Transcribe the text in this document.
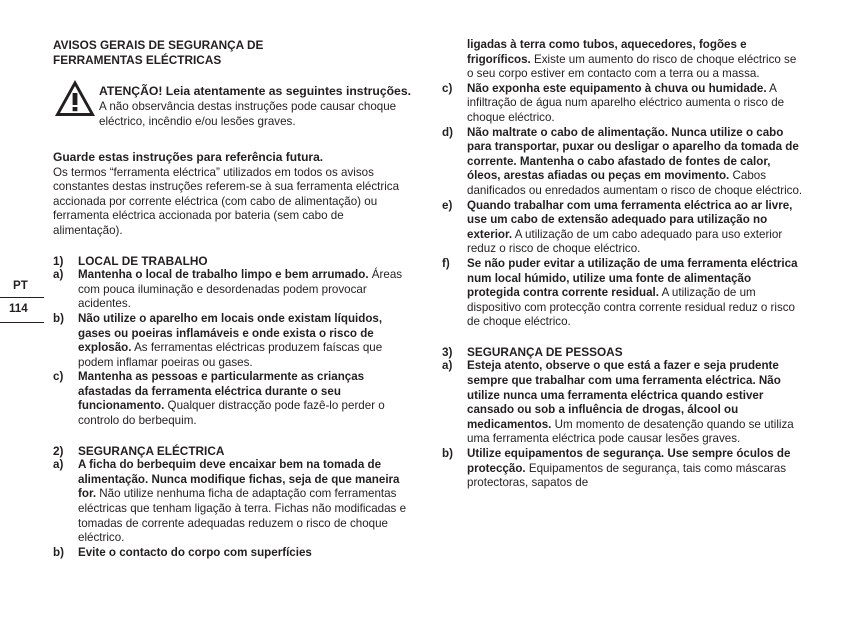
PT
114
AVISOS GERAIS DE SEGURANÇA DE FERRAMENTAS ELÉCTRICAS

ATENÇÃO! Leia atentamente as seguintes instruções. A não observância destas instruções pode causar choque eléctrico, incêndio e/ou lesões graves.

Guarde estas instruções para referência futura.
Os termos “ferramenta eléctrica” utilizados em todos os avisos constantes destas instruções referem-se à sua ferramenta eléctrica accionada por corrente eléctrica (com cabo de alimentação) ou ferramenta eléctrica accionada por bateria (sem cabo de alimentação).

1) LOCAL DE TRABALHO

a) Mantenha o local de trabalho limpo e bem arrumado. Áreas com pouca iluminação e desordenadas podem provocar acidentes.

b) Não utilize o aparelho em locais onde existam líquidos, gases ou poeiras inflamáveis e onde exista o risco de explosão. As ferramentas eléctricas produzem faíscas que podem inflamar poeiras ou gases.

c) Mantenha as pessoas e particularmente as crianças afastadas da ferramenta eléctrica durante o seu funcionamento. Qualquer distracção pode fazê-lo perder o controlo do berbequim.

2) SEGURANÇA ELÉCTRICA

a) A ficha do berbequim deve encaixar bem na tomada de alimentação. Nunca modifique fichas, seja de que maneira for. Não utilize nenhuma ficha de adaptação com ferramentas eléctricas que tenham ligação à terra. Fichas não modificadas e tomadas de corrente adequadas reduzem o risco de choque eléctrico.

b) Evite o contacto do corpo com superfícies

ligadas à terra como tubos, aquecedores, fogões e frigoríficos. Existe um aumento do risco de choque eléctrico se o seu corpo estiver em contacto com a terra ou a massa.

c) Não exponha este equipamento à chuva ou humidade. A infiltração de água num aparelho eléctrico aumenta o risco de choque eléctrico.

d) Não maltrate o cabo de alimentação. Nunca utilize o cabo para transportar, puxar ou desligar o aparelho da tomada de corrente. Mantenha o cabo afastado de fontes de calor, óleos, arestas afiadas ou peças em movimento. Cabos danificados ou enredados aumentam o risco de choque eléctrico.

e) Quando trabalhar com uma ferramenta eléctrica ao ar livre, use um cabo de extensão adequado para utilização no exterior. A utilização de um cabo adequado para uso exterior reduz o risco de choque eléctrico.

f) Se não puder evitar a utilização de uma ferramenta eléctrica num local húmido, utilize uma fonte de alimentação protegida contra corrente residual. A utilização de um dispositivo com protecção contra corrente residual reduz o risco de choque eléctrico.

3) SEGURANÇA DE PESSOAS

a) Esteja atento, observe o que está a fazer e seja prudente sempre que trabalhar com uma ferramenta eléctrica. Não utilize nunca uma ferramenta eléctrica quando estiver cansado ou sob a influência de drogas, álcool ou medicamentos. Um momento de desatenção quando se utiliza uma ferramenta eléctrica pode causar lesões graves.

b) Utilize equipamentos de segurança. Use sempre óculos de protecção. Equipamentos de segurança, tais como máscaras protectoras, sapatos de
